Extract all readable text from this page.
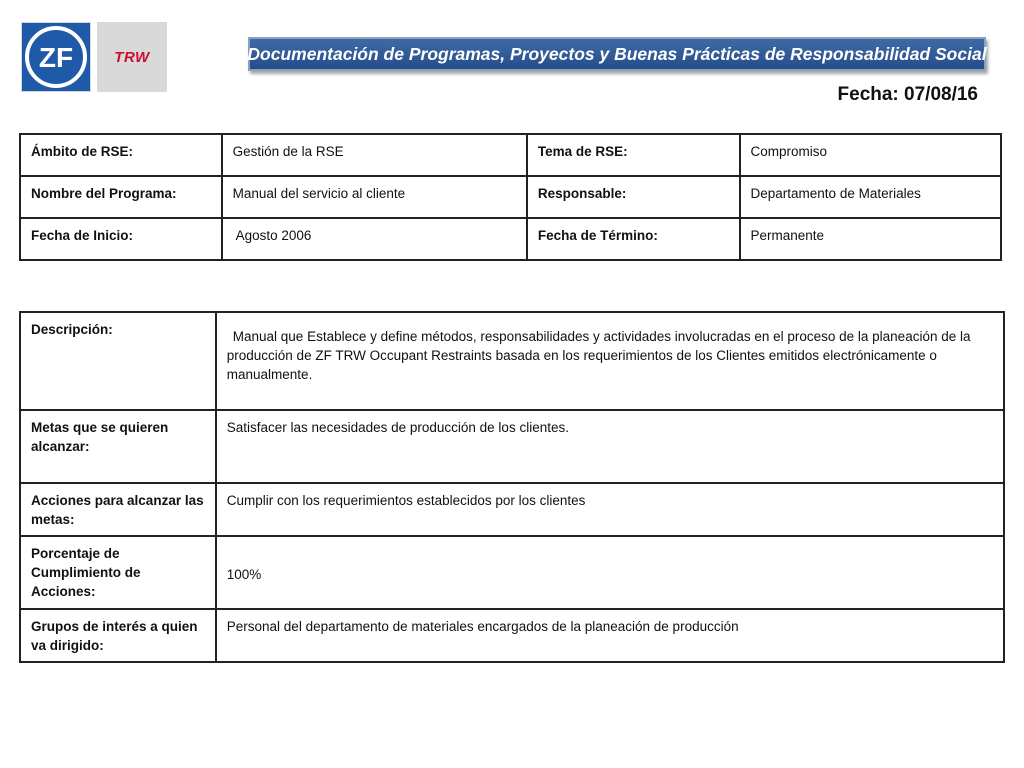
ZF	TRW	Documentación de Programas, Proyectos y Buenas Prácticas de Responsabilidad Social
Fecha: 07/08/16
Ámbito de RSE:	Gestión de la RSE	Tema de RSE:	Compromiso
Nombre del Programa:	Manual del servicio al cliente	Responsable:	Departamento de Materiales
Fecha de Inicio:	Agosto 2006	Fecha de Término:	Permanente
Descripción:	Manual que Establece y define métodos, responsabilidades y actividades involucradas en el proceso de la planeación de la producción de ZF TRW Occupant Restraints basada en los requerimientos de los Clientes emitidos electrónicamente o manualmente.
Metas que se quieren alcanzar:	Satisfacer las necesidades de producción de los clientes.
Acciones para alcanzar las metas:	Cumplir con los requerimientos establecidos por los clientes
Porcentaje de Cumplimiento de Acciones:	100%
Grupos de interés a quien va dirigido:	Personal del departamento de materiales encargados de la planeación de producción
